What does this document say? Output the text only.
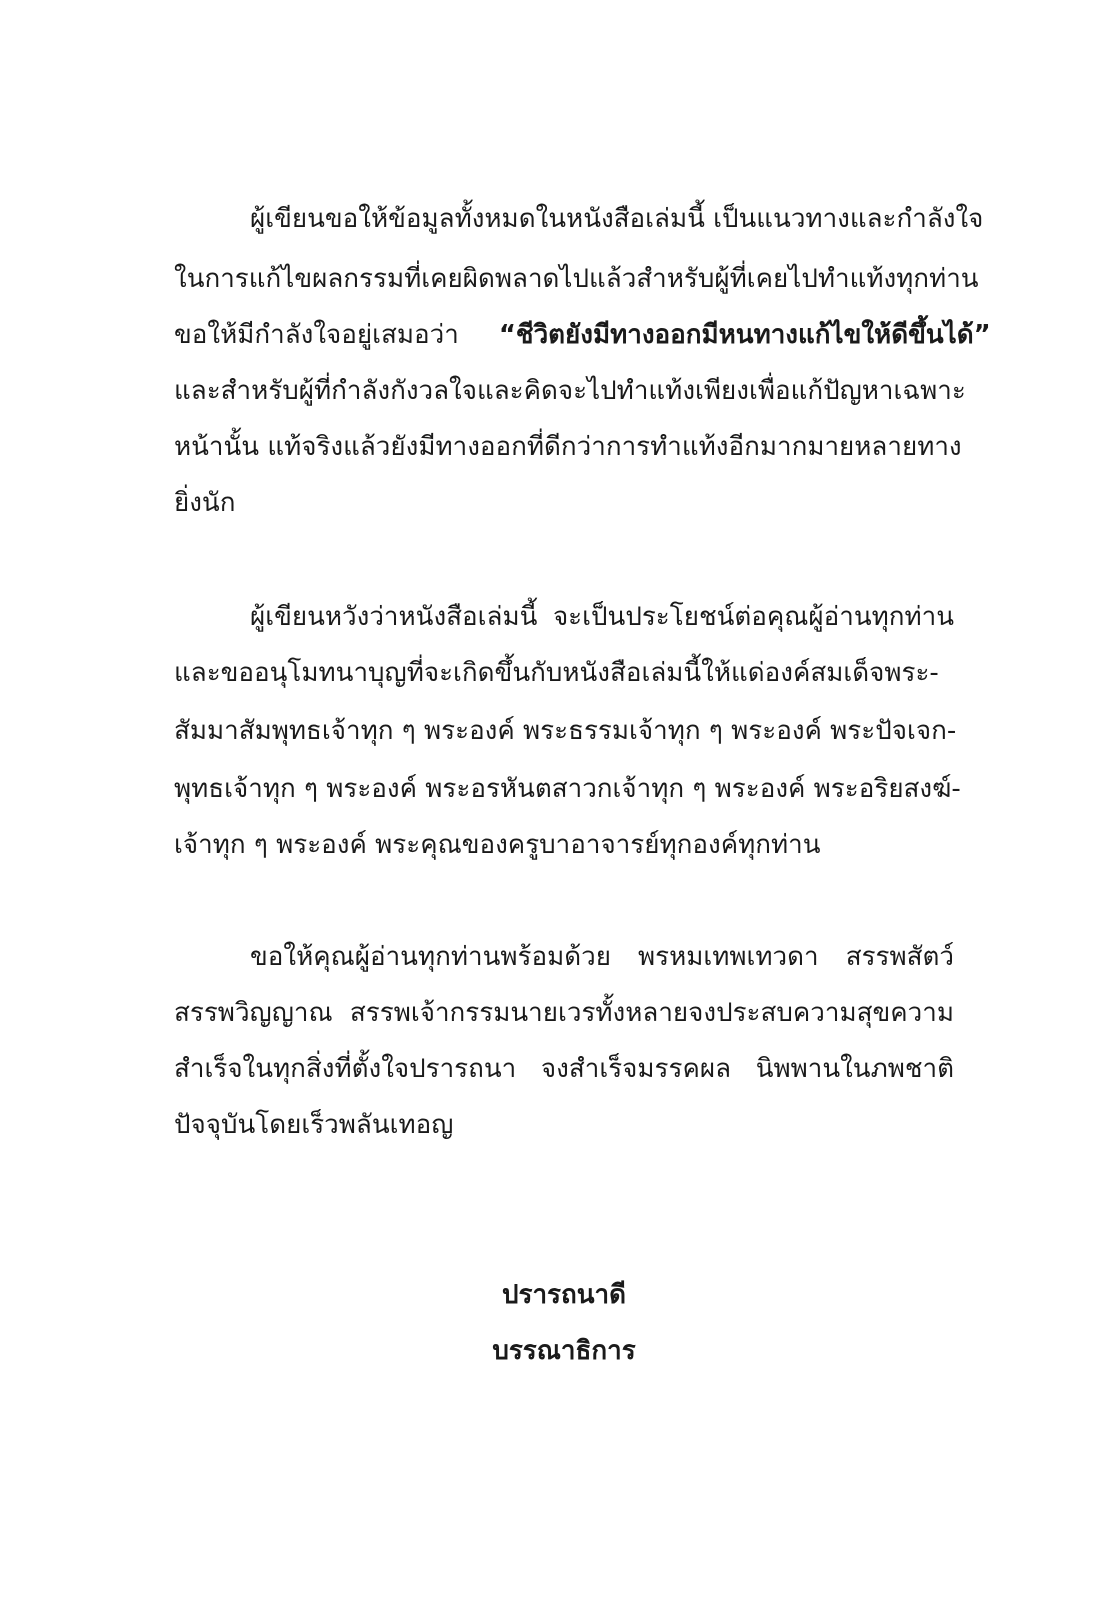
ผู้เขียนขอให้ข้อมูลทั้งหมดในหนังสือเล่มนี้ เป็นแนวทางและกำลังใจ
ในการแก้ไขผลกรรมที่เคยผิดพลาดไปแล้วสำหรับผู้ที่เคยไปทำแท้งทุกท่าน
ขอให้มีกำลังใจอยู่เสมอว่า “ชีวิตยังมีทางออกมีหนทางแก้ไขให้ดีขึ้นได้”
และสำหรับผู้ที่กำลังกังวลใจและคิดจะไปทำแท้งเพียงเพื่อแก้ปัญหาเฉพาะ
หน้านั้น แท้จริงแล้วยังมีทางออกที่ดีกว่าการทำแท้งอีกมากมายหลายทาง
ยิ่งนัก
ผู้เขียนหวังว่าหนังสือเล่มนี้ จะเป็นประโยชน์ต่อคุณผู้อ่านทุกท่าน
และขออนุโมทนาบุญที่จะเกิดขึ้นกับหนังสือเล่มนี้ให้แด่องค์สมเด็จพระ-
สัมมาสัมพุทธเจ้าทุก ๆ พระองค์ พระธรรมเจ้าทุก ๆ พระองค์ พระปัจเจก-
พุทธเจ้าทุก ๆ พระองค์ พระอรหันตสาวกเจ้าทุก ๆ พระองค์ พระอริยสงฆ์-
เจ้าทุก ๆ พระองค์ พระคุณของครูบาอาจารย์ทุกองค์ทุกท่าน
ขอให้คุณผู้อ่านทุกท่านพร้อมด้วย พรหมเทพเทวดา สรรพสัตว์
สรรพวิญญาณ สรรพเจ้ากรรมนายเวรทั้งหลายจงประสบความสุขความ
สำเร็จในทุกสิ่งที่ตั้งใจปรารถนา จงสำเร็จมรรคผล นิพพานในภพชาติ
ปัจจุบันโดยเร็วพลันเทอญ
ปรารถนาดี
บรรณาธิการ
